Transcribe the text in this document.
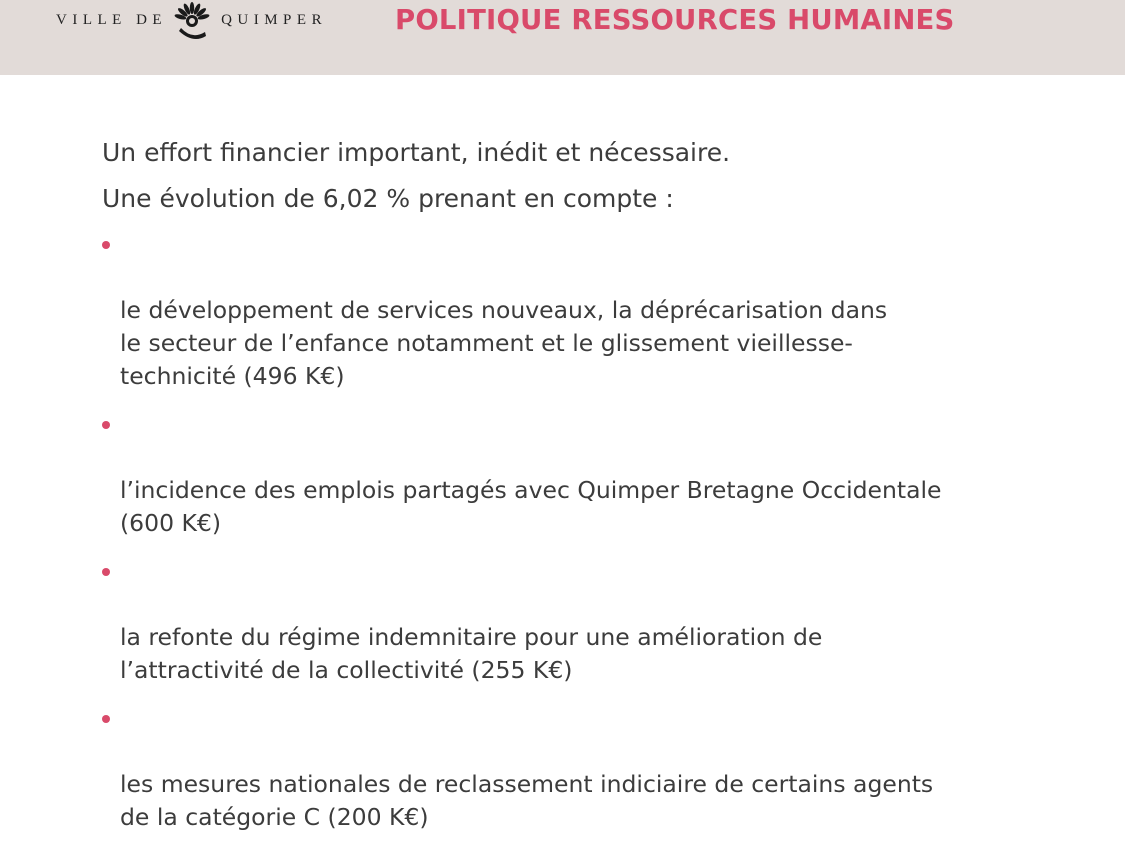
VILLE DE	QUIMPER POLITIQUE RESSOURCES HUMAINES

Un effort financier important, inédit et nécessaire.

Une évolution de 6,02 % prenant en compte :

le développement de services nouveaux, la déprécarisation dans
le secteur de l’enfance notamment et le glissement vieillesse-
technicité (496 K€)

l’incidence des emplois partagés avec Quimper Bretagne Occidentale
(600 K€)

la refonte du régime indemnitaire pour une amélioration de
l’attractivité de la collectivité (255 K€)

les mesures nationales de reclassement indiciaire de certains agents
de la catégorie C (200 K€)
